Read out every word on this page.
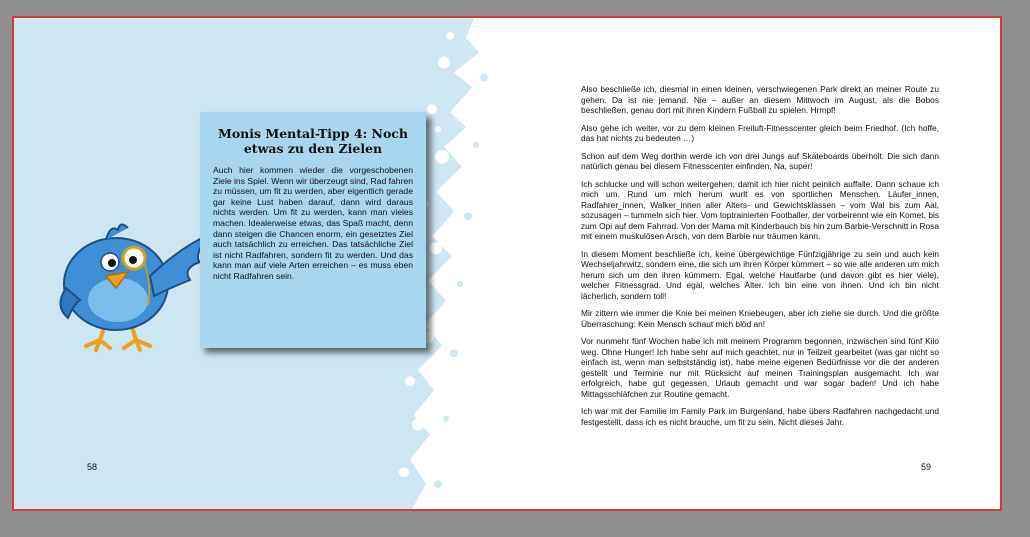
Monis Mental-Tipp 4: Noch etwas zu den Zielen

Auch hier kommen wieder die vorgeschobenen Ziele ins Spiel. Wenn wir überzeugt sind, Rad fahren zu müssen, um fit zu werden, aber eigentlich gerade gar keine Lust haben darauf, dann wird daraus nichts werden. Um fit zu werden, kann man vieles machen. Idealerweise etwas, das Spaß macht, denn dann steigen die Chancen enorm, ein gesetztes Ziel auch tatsächlich zu erreichen. Das tatsächliche Ziel ist nicht Radfahren, sondern fit zu werden. Und das kann man auf viele Arten erreichen – es muss eben nicht Radfahren sein.

58

Also beschließe ich, diesmal in einen kleinen, verschwiegenen Park direkt an meiner Route zu gehen. Da ist nie jemand. Nie – außer an diesem Mittwoch im August, als die Bobos beschließen, genau dort mit ihren Kindern Fußball zu spielen. Hrmpf!

Also gehe ich weiter, vor zu dem kleinen Freiluft-Fitnesscenter gleich beim Friedhof. (Ich hoffe, das hat nichts zu bedeuten …)

Schon auf dem Weg dorthin werde ich von drei Jungs auf Skateboards überholt. Die sich dann natürlich genau bei diesem Fitnesscenter einfinden. Na, super!

Ich schlucke und will schon weitergehen, damit ich hier nicht peinlich auffalle. Dann schaue ich mich um. Rund um mich herum wurlt es von sportlichen Menschen. Läufer_innen, Radfahrer_innen, Walker_innen aller Alters- und Gewichtsklassen – vom Wal bis zum Aal, sozusagen – tummeln sich hier. Vom toptrainierten Footballer, der vorbeirennt wie ein Komet, bis zum Opi auf dem Fahrrad. Von der Mama mit Kinderbauch bis hin zum Barbie-Verschnitt in Rosa mit einem muskulösen Arsch, von dem Barbie nur träumen kann.

In diesem Moment beschließe ich, keine übergewichtige Fünfzigjährige zu sein und auch kein Wechseljahrwitz, sondern eine, die sich um ihren Körper kümmert – so wie alle anderen um mich herum sich um den ihren kümmern. Egal, welche Hautfarbe (und davon gibt es hier viele), welcher Fitnessgrad. Und egal, welches Alter. Ich bin eine von ihnen. Und ich bin nicht lächerlich, sondern toll!

Mir zittern wie immer die Knie bei meinen Kniebeugen, aber ich ziehe sie durch. Und die größte Überraschung: Kein Mensch schaut mich blöd an!

Vor nunmehr fünf Wochen habe ich mit meinem Programm begonnen, inzwischen sind fünf Kilo weg. Ohne Hunger! Ich habe sehr auf mich geachtet, nur in Teilzeit gearbeitet (was gar nicht so einfach ist, wenn man selbstständig ist), habe meine eigenen Bedürfnisse vor die der anderen gestellt und Termine nur mit Rücksicht auf meinen Trainingsplan ausgemacht. Ich war erfolgreich, habe gut gegessen, Urlaub gemacht und war sogar baden! Und ich habe Mittagsschläfchen zur Routine gemacht.

Ich war mit der Familie im Family Park im Burgenland, habe übers Radfahren nachgedacht und festgestellt, dass ich es nicht brauche, um fit zu sein. Nicht dieses Jahr.

59
